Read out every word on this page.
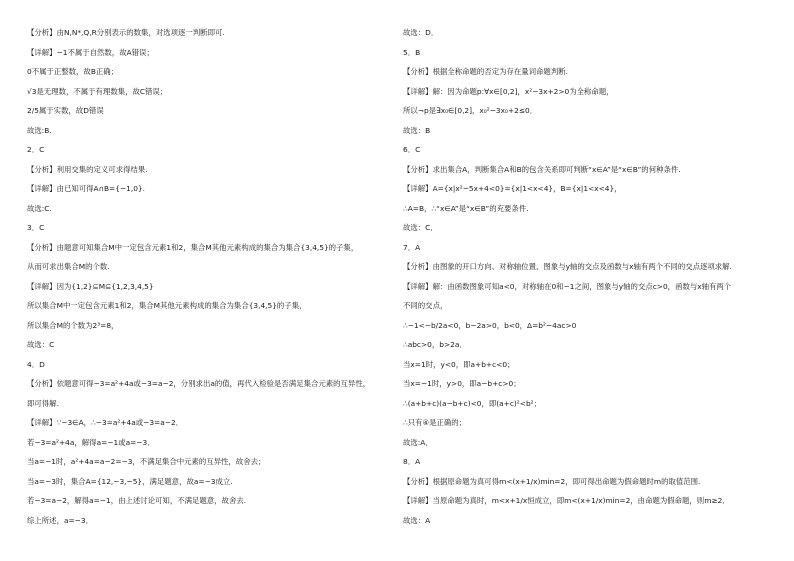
【分析】由N,N*,Q,R分别表示的数集，对选项逐一判断即可.
【详解】−1不属于自然数，故A错误；
0不属于正整数，故B正确；
√3是无理数，不属于有理数集，故C错误；
2/5属于实数，故D错误
故选:B.
2．C
【分析】利用交集的定义可求得结果.
【详解】由已知可得A∩B={−1,0}.
故选:C.
3．C
【分析】由题意可知集合M中一定包含元素1和2，集合M其他元素构成的集合为集合{3,4,5}的子集，
从而可求出集合M的个数.
【详解】因为{1,2}⊆M⊆{1,2,3,4,5}
所以集合M中一定包含元素1和2，集合M其他元素构成的集合为集合{3,4,5}的子集，
所以集合M的个数为2³=8，
故选：C
4．D
【分析】依题意可得−3=a²+4a或−3=a−2，分别求出a的值，再代入检验是否满足集合元素的互异性，
即可得解.
【详解】∵−3∈A，∴−3=a²+4a或−3=a−2．
若−3=a²+4a，解得a=−1或a=−3．
当a=−1时，a²+4a=a−2=−3，不满足集合中元素的互异性，故舍去；
当a=−3时，集合A={12,−3,−5}，满足题意，故a=−3成立.
若−3=a−2，解得a=−1，由上述讨论可知，不满足题意，故舍去.
综上所述，a=−3．
故选：D．
5．B
【分析】根据全称命题的否定为存在量词命题判断.
【详解】解：因为命题p:∀x∈[0,2]，x²−3x+2>0为全称命题，
所以¬p是∃x₀∈[0,2]，x₀²−3x₀+2≤0．
故选：B
6．C
【分析】求出集合A，判断集合A和B的包含关系即可判断“x∈A”是“x∈B”的何种条件.
【详解】A={x|x²−5x+4<0}={x|1<x<4}，B={x|1<x<4}，
∴A=B，∴“x∈A”是“x∈B”的充要条件.
故选：C．
7．A
【分析】由图象的开口方向、对称轴位置、图象与y轴的交点及函数与x轴有两个不同的交点逐项求解.
【详解】解：由函数图象可知a<0，对称轴在0和−1之间，图象与y轴的交点c>0，函数与x轴有两个
不同的交点，
∴−1<−b/2a<0，b−2a>0，b<0，Δ=b²−4ac>0
∴abc>0，b>2a．
当x=1时，y<0，即a+b+c<0；
当x=−1时，y>0，即a−b+c>0；
∴(a+b+c)(a−b+c)<0，即(a+c)²<b²；
∴只有④是正确的；
故选:A．
8．A
【分析】根据原命题为真可得m<(x+1/x)min=2，即可得出命题为假命题时m的取值范围.
【详解】当原命题为真时，m<x+1/x恒成立，即m<(x+1/x)min=2，由命题为假命题，则m≥2．
故选：A
